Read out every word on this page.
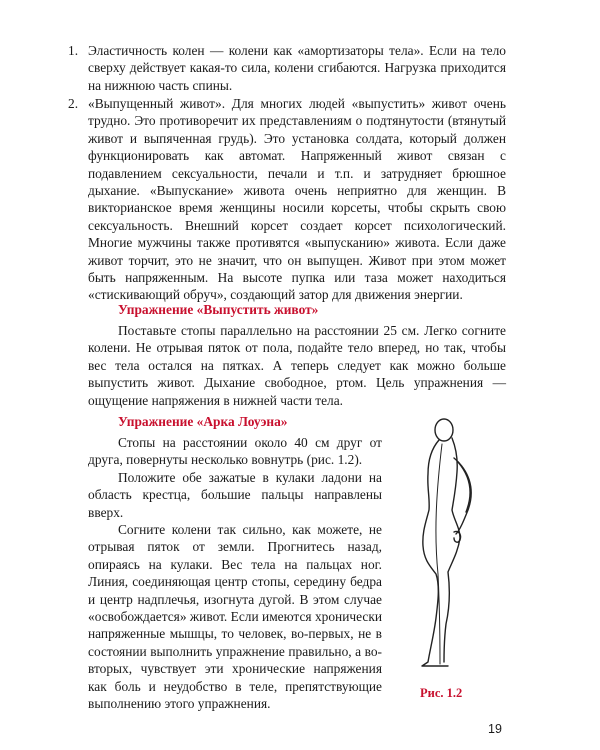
1. Эластичность колен — колени как «амортизаторы тела». Если на тело сверху действует какая-то сила, колени сгибаются. Нагрузка приходится на нижнюю часть спины.
2. «Выпущенный живот». Для многих людей «выпустить» живот очень трудно. Это противоречит их представлениям о подтянутости (втянутый живот и выпяченная грудь). Это установка солдата, который должен функционировать как автомат. Напряженный живот связан с подавлением сексуальности, печали и т.п. и затрудняет брюшное дыхание. «Выпускание» живота очень неприятно для женщин. В викторианское время женщины носили корсеты, чтобы скрыть свою сексуальность. Внешний корсет создает корсет психологический. Многие мужчины также противятся «выпусканию» живота. Если даже живот торчит, это не значит, что он выпущен. Живот при этом может быть напряженным. На высоте пупка или таза может находиться «стискивающий обруч», создающий затор для движения энергии.
Упражнение «Выпустить живот»

Поставьте стопы параллельно на расстоянии 25 см. Легко согните колени. Не отрывая пяток от пола, подайте тело вперед, но так, чтобы вес тела остался на пятках. А теперь следует как можно больше выпустить живот. Дыхание свободное, ртом. Цель упражнения — ощущение напряжения в нижней части тела.

Упражнение «Арка Лоуэна»

Стопы на расстоянии около 40 см друг от друга, повернуты несколько вовнутрь (рис. 1.2).

Положите обе зажатые в кулаки ладони на область крестца, большие пальцы направлены вверх.

Согните колени так сильно, как можете, не отрывая пяток от земли. Прогнитесь назад, опираясь на кулаки. Вес тела на пальцах ног. Линия, соединяющая центр стопы, середину бедра и центр надплечья, изогнута дугой. В этом случае «освобождается» живот. Если имеются хронически напряженные мышцы, то человек, во-первых, не в состоянии выполнить упражнение правильно, а во-вторых, чувствует эти хронические напряжения как боль и неудобство в теле, препятствующие выполнению этого упражнения.

Рис. 1.2
19
